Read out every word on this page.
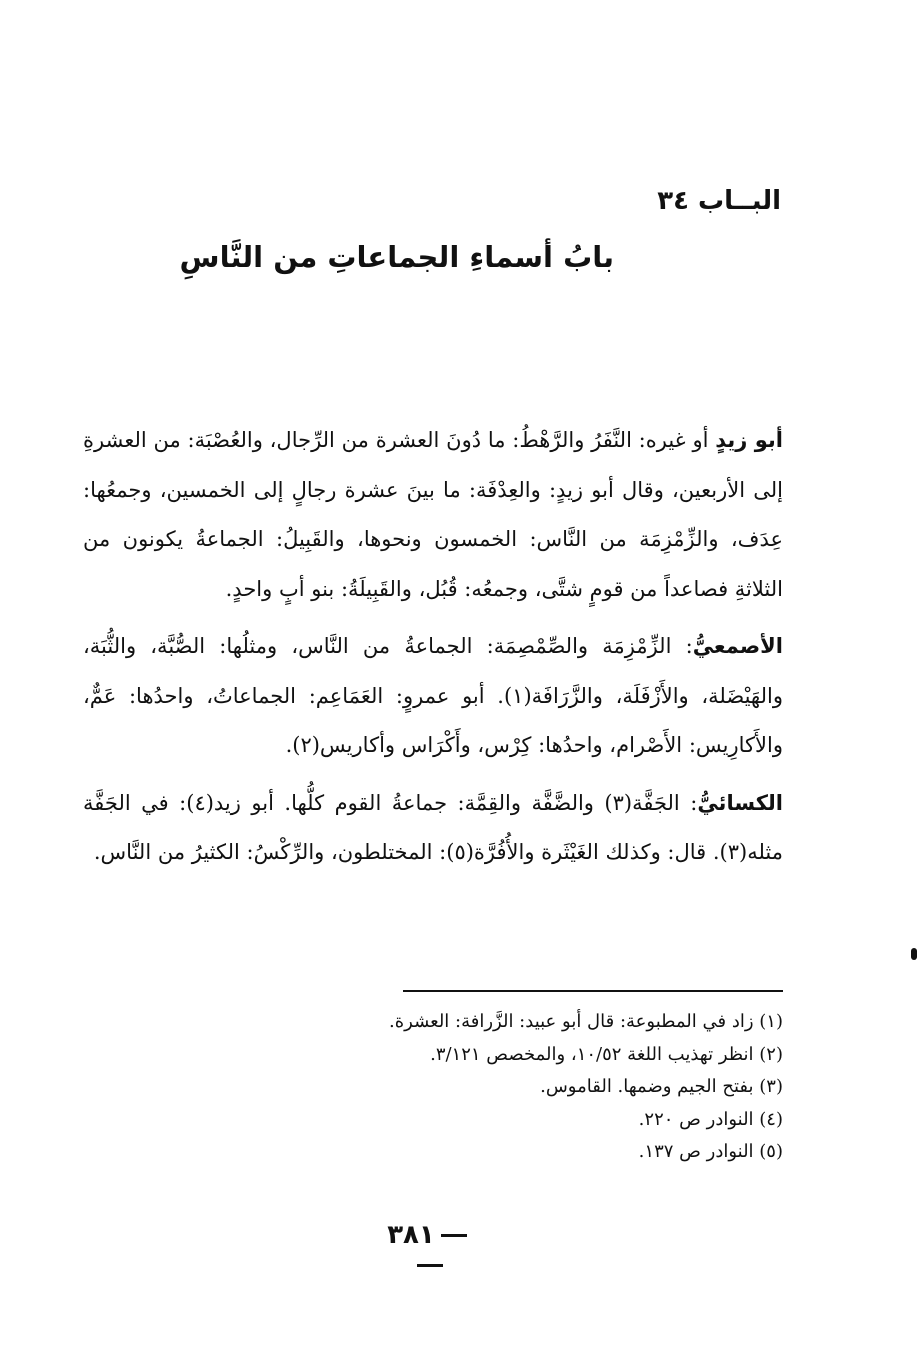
البــاب ٣٤
بابُ أسماءِ الجماعاتِ من النَّاسِ

أبو زيدٍ أو غيره: النَّفَرُ والرَّهْطُ: ما دُونَ العشرة من الرِّجال، والعُصْبَة: من العشرةِ إلى الأربعين، وقال أبو زيدٍ: والعِدْفَة: ما بينَ عشرة رجالٍ إلى الخمسين، وجمعُها: عِدَف، والزِّمْزِمَة من النَّاس: الخمسون ونحوها، والقَبِيلُ: الجماعةُ يكونون من الثلاثةِ فصاعداً من قومٍ شتَّى، وجمعُه: قُبُل، والقَبِيلَةُ: بنو أبٍ واحدٍ.

الأصمعيُّ: الزِّمْزِمَة والصِّمْصِمَة: الجماعةُ من النَّاس، ومثلُها: الصُّبَّة، والثُّبَة، والهَيْضَلة، والأَزْفَلَة، والزَّرَافَة(١). أبو عمروٍ: العَمَاعِم: الجماعاتُ، واحدُها: عَمٌّ، والأَكارِيس: الأَصْرام، واحدُها: كِرْس، وأَكْرَاس وأكاريس(٢).

الكسائيُّ: الجَفَّة(٣) والضَّفَّة والقِمَّة: جماعةُ القوم كلُّها. أبو زيد(٤): في الجَفَّة مثله(٣). قال: وكذلك الغَيْثَرة والأُفُرَّة(٥): المختلطون، والرِّكْسُ: الكثيرُ من النَّاس.

(١) زاد في المطبوعة: قال أبو عبيد: الزَّرافة: العشرة.
(٢) انظر تهذيب اللغة ١٠/٥٢، والمخصص ٣/١٢١.
(٣) بفتح الجيم وضمها. القاموس.
(٤) النوادر ص ٢٢٠.
(٥) النوادر ص ١٣٧.
٣٨١
